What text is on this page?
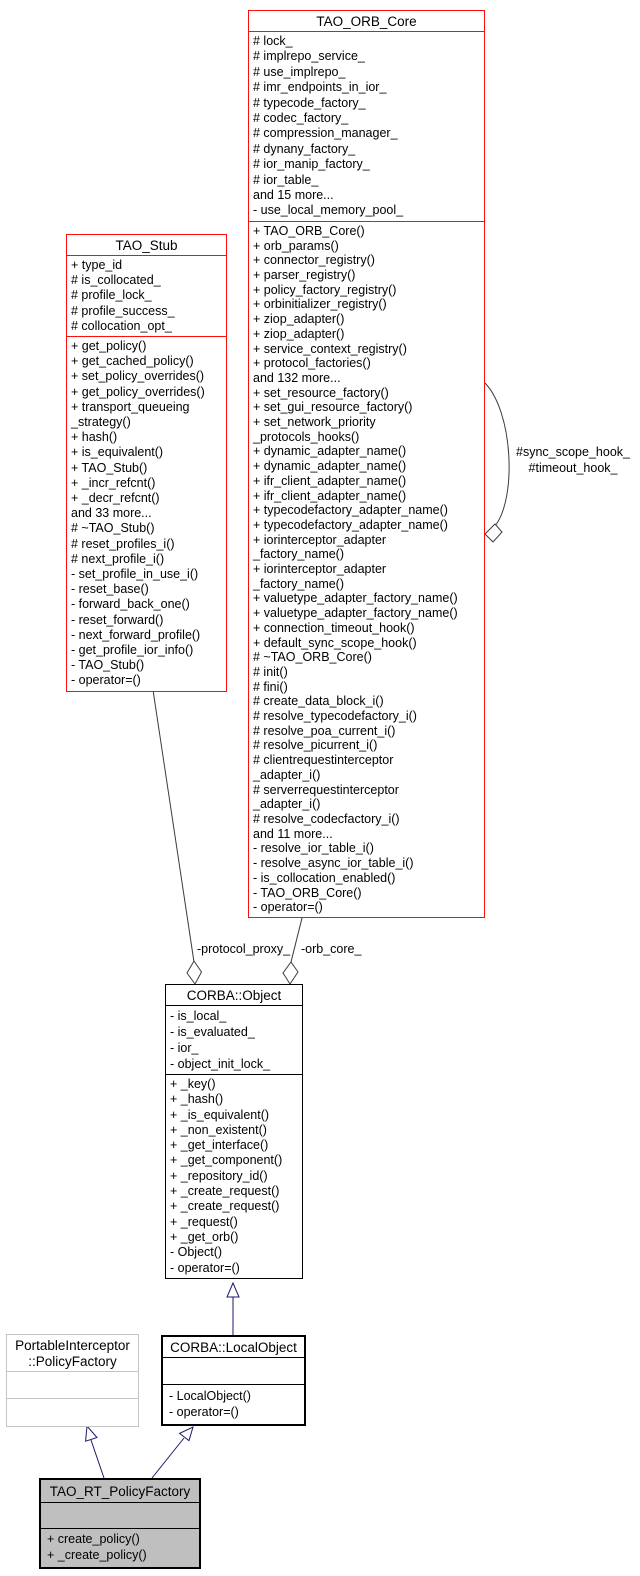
TAO_ORB_Core
# lock_
# implrepo_service_
# use_implrepo_
# imr_endpoints_in_ior_
# typecode_factory_
# codec_factory_
# compression_manager_
# dynany_factory_
# ior_manip_factory_
# ior_table_
and 15 more...
- use_local_memory_pool_
+ TAO_ORB_Core()
+ orb_params()
+ connector_registry()
+ parser_registry()
+ policy_factory_registry()
+ orbinitializer_registry()
+ ziop_adapter()
+ ziop_adapter()
+ service_context_registry()
+ protocol_factories()
and 132 more...
+ set_resource_factory()
+ set_gui_resource_factory()
+ set_network_priority
_protocols_hooks()
+ dynamic_adapter_name()
+ dynamic_adapter_name()
+ ifr_client_adapter_name()
+ ifr_client_adapter_name()
+ typecodefactory_adapter_name()
+ typecodefactory_adapter_name()
+ iorinterceptor_adapter
_factory_name()
+ iorinterceptor_adapter
_factory_name()
+ valuetype_adapter_factory_name()
+ valuetype_adapter_factory_name()
+ connection_timeout_hook()
+ default_sync_scope_hook()
# ~TAO_ORB_Core()
# init()
# fini()
# create_data_block_i()
# resolve_typecodefactory_i()
# resolve_poa_current_i()
# resolve_picurrent_i()
# clientrequestinterceptor
_adapter_i()
# serverrequestinterceptor
_adapter_i()
# resolve_codecfactory_i()
and 11 more...
- resolve_ior_table_i()
- resolve_async_ior_table_i()
- is_collocation_enabled()
- TAO_ORB_Core()
- operator=()
TAO_Stub
+ type_id
# is_collocated_
# profile_lock_
# profile_success_
# collocation_opt_
+ get_policy()
+ get_cached_policy()
+ set_policy_overrides()
+ get_policy_overrides()
+ transport_queueing
_strategy()
+ hash()
+ is_equivalent()
+ TAO_Stub()
+ _incr_refcnt()
+ _decr_refcnt()
and 33 more...
# ~TAO_Stub()
# reset_profiles_i()
# next_profile_i()
- set_profile_in_use_i()
- reset_base()
- forward_back_one()
- reset_forward()
- next_forward_profile()
- get_profile_ior_info()
- TAO_Stub()
- operator=()
CORBA::Object
- is_local_
- is_evaluated_
- ior_
- object_init_lock_
+ _key()
+ _hash()
+ _is_equivalent()
+ _non_existent()
+ _get_interface()
+ _get_component()
+ _repository_id()
+ _create_request()
+ _create_request()
+ _request()
+ _get_orb()
- Object()
- operator=()
PortableInterceptor
::PolicyFactory
CORBA::LocalObject
- LocalObject()
- operator=()
TAO_RT_PolicyFactory
+ create_policy()
+ _create_policy()
-protocol_proxy_ -orb_core_
#sync_scope_hook_
#timeout_hook_
